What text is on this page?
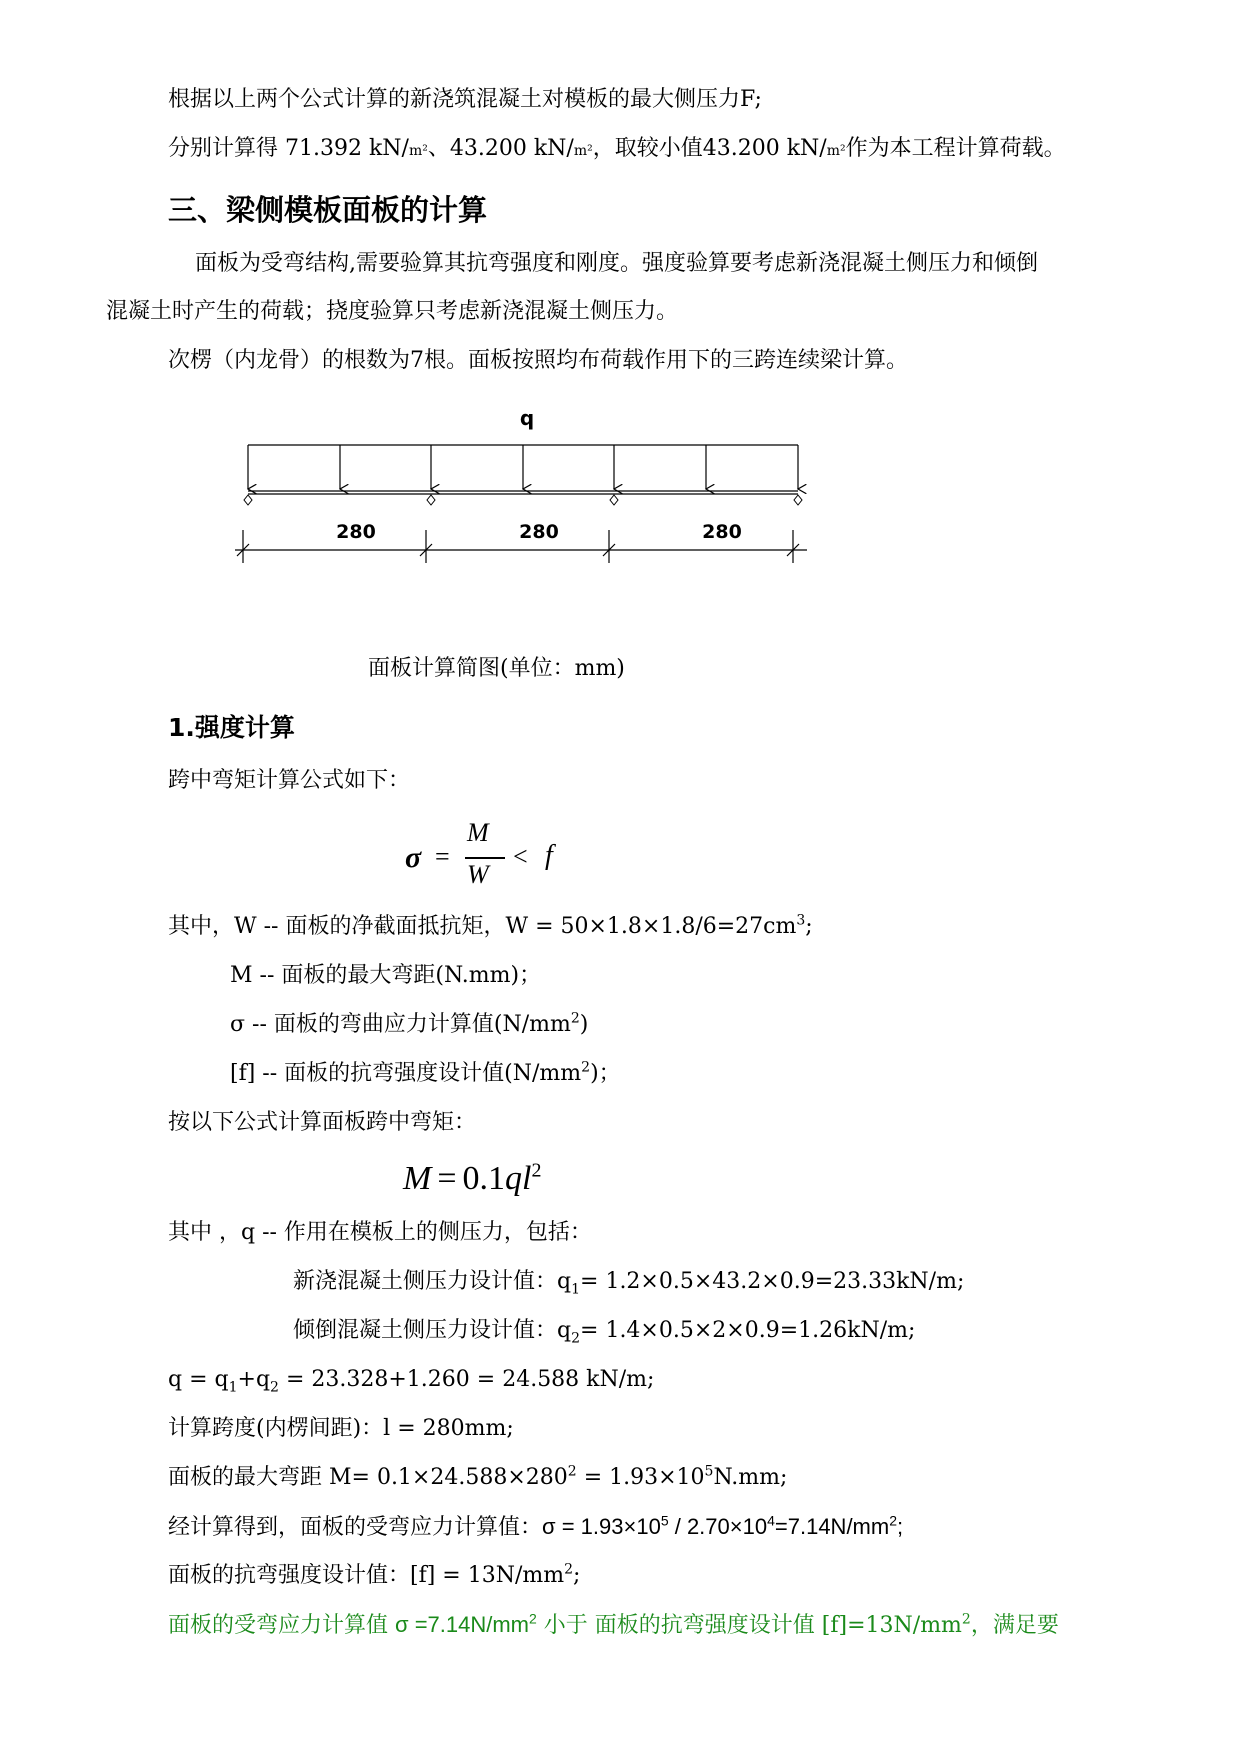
根据以上两个公式计算的新浇筑混凝土对模板的最大侧压力F;
分别计算得 71.392 kN/m²、43.200 kN/m²，取较小值43.200 kN/m²作为本工程计算荷载。
三、梁侧模板面板的计算
面板为受弯结构,需要验算其抗弯强度和刚度。强度验算要考虑新浇混凝土侧压力和倾倒
混凝土时产生的荷载；挠度验算只考虑新浇混凝土侧压力。
次楞（内龙骨）的根数为7根。面板按照均布荷载作用下的三跨连续梁计算。
q
280	280	280
面板计算简图(单位：mm)
1.强度计算
跨中弯矩计算公式如下：
σ =
M
W
< f
其中，W -- 面板的净截面抵抗矩，$W = 50\times 1.8\times 1.8/6=27cm^3$;
M -- 面板的最大弯距(N.mm)；
σ -- 面板的弯曲应力计算值$(N/mm^2)$
[f] -- 面板的抗弯强度设计值$(N/mm^2)$；
按以下公式计算面板跨中弯矩：
$M = 0.1ql^2$
其中 ，q -- 作用在模板上的侧压力，包括：
新浇混凝土侧压力设计值：$q_1= 1.2\times 0.5\times 43.2\times 0.9=23.33kN/m$;
倾倒混凝土侧压力设计值：$q_2= 1.4\times 0.5\times 2\times 0.9=1.26kN/m$;
$q = q_1+q_2 = 23.328+1.260 = 24.588$ kN/m;
计算跨度(内楞间距)：l = 280mm;
面板的最大弯距 $M= 0.1\times 24.588\times 280^2 = 1.93\times 10^5N.mm$;
经计算得到，面板的受弯应力计算值：$\sigma = 1.93\times 10^5 / 2.70\times 10^4=7.14N/mm^2$;
面板的抗弯强度设计值：$[f] = 13N/mm^2$;
面板的受弯应力计算值 $\sigma =7.14N/mm^2$ 小于 面板的抗弯强度设计值 $[f]=13N/mm^2$，满足要
